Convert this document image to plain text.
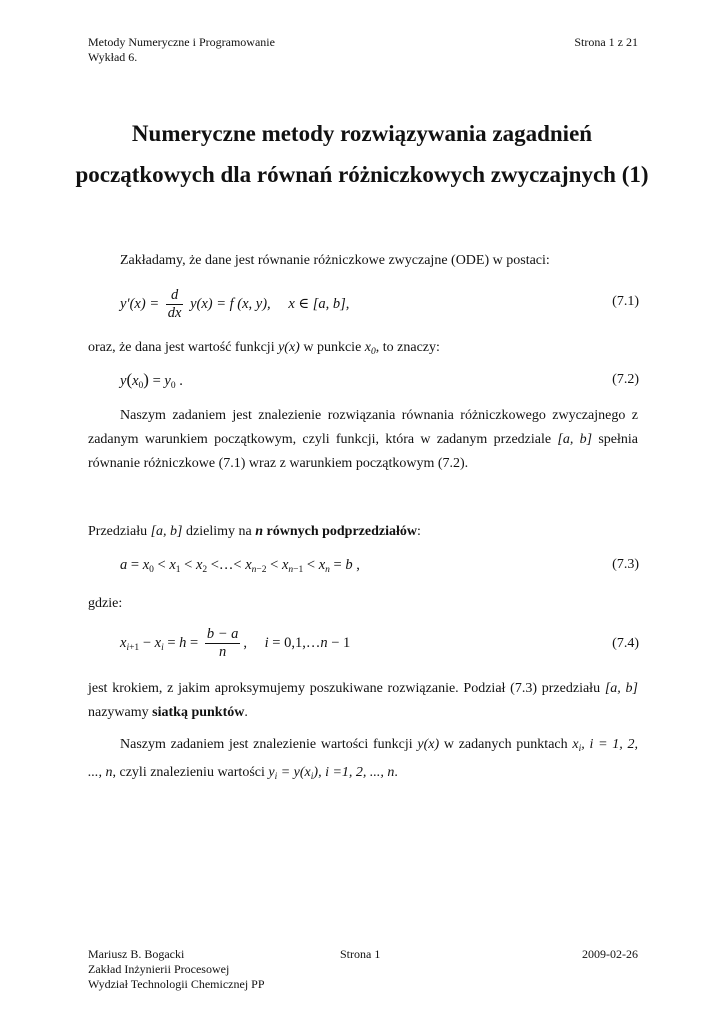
Metody Numeryczne i Programowanie
Wykład 6.
Strona 1 z 21
Numeryczne metody rozwiązywania zagadnień początkowych dla równań różniczkowych zwyczajnych (1)
Zakładamy, że dane jest równanie różniczkowe zwyczajne (ODE) w postaci:
$y'(x) = \frac{d}{dx} y(x) = f$ (x, y), x ∈ [a, b],	(7.1)
oraz, że dana jest wartość funkcji y(x) w punkcie $x_0$, to znaczy:
$y(x_0) = y_0$ .	(7.2)
Naszym zadaniem jest znalezienie rozwiązania równania różniczkowego zwyczajnego z zadanym warunkiem początkowym, czyli funkcji, która w zadanym przedziale [a, b] spełnia równanie różniczkowe (7.1) wraz z warunkiem początkowym (7.2).
Przedziału [a, b] dzielimy na n równych podprzedziałów:
$a = x_0 < x_1 < x_2$ <…< $x_{n-2} < x_{n-1} < x_n = b$ ,	(7.3)
gdzie:
$x_{i+1} - x_i = h = \frac{b - a}{n}$ , i = 0,1,…n − 1	(7.4)
jest krokiem, z jakim aproksymujemy poszukiwane rozwiązanie. Podział (7.3) przedziału [a, b] nazywamy siatką punktów.
Naszym zadaniem jest znalezienie wartości funkcji y(x) w zadanych punktach $x_i$, i = 1, 2, ..., n, czyli znalezieniu wartości $y_i = y(x_i)$, i =1, 2, ..., n.
Mariusz B. Bogacki
Zakład Inżynierii Procesowej
Wydział Technologii Chemicznej PP
Strona 1	2009-02-26
